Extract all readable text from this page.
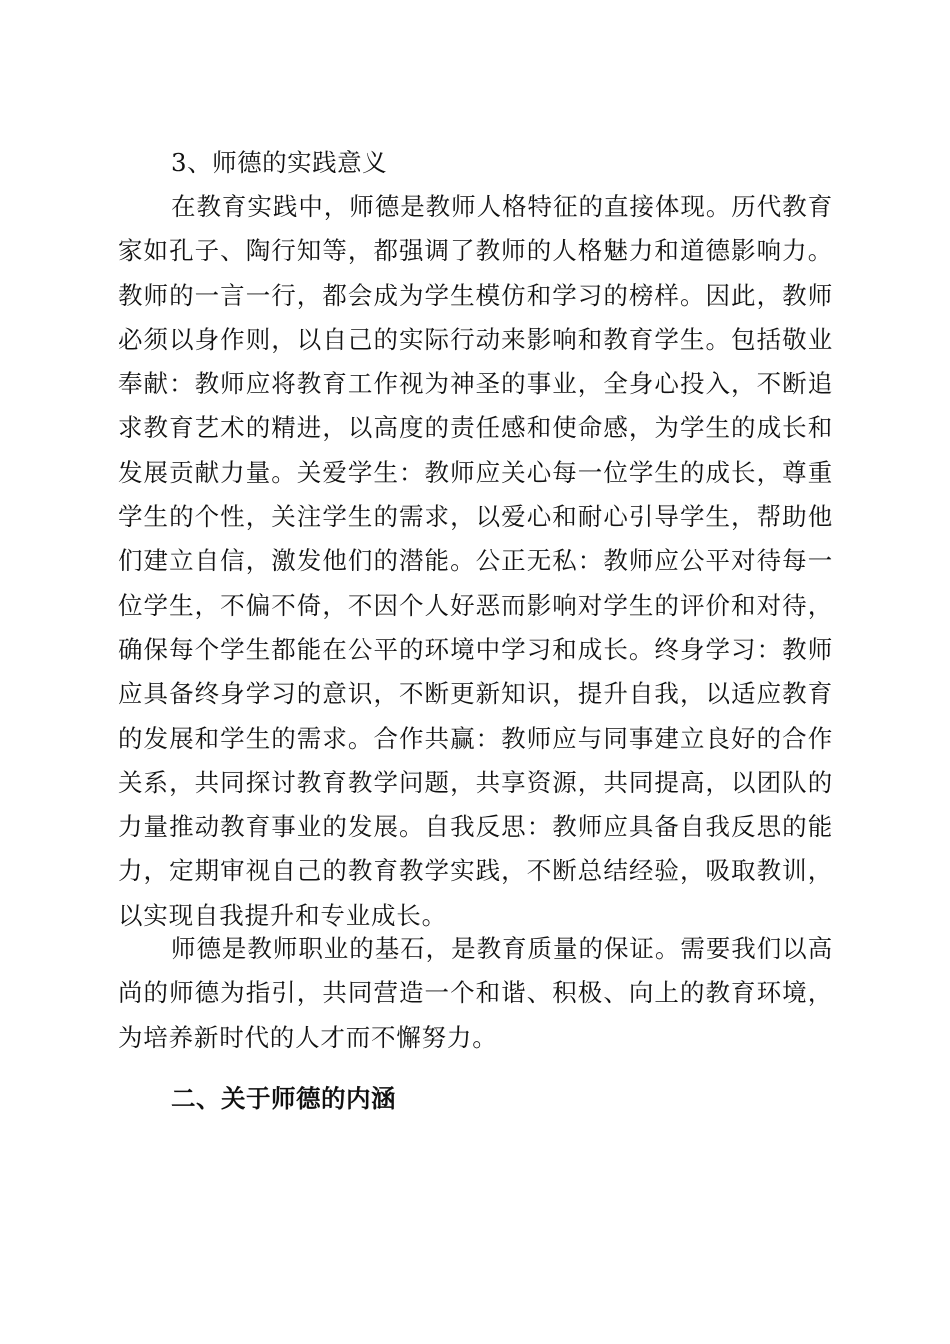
3、师德的实践意义

在教育实践中，师德是教师人格特征的直接体现。历代教育家如孔子、陶行知等，都强调了教师的人格魅力和道德影响力。教师的一言一行，都会成为学生模仿和学习的榜样。因此，教师必须以身作则，以自己的实际行动来影响和教育学生。包括敬业奉献：教师应将教育工作视为神圣的事业，全身心投入，不断追求教育艺术的精进，以高度的责任感和使命感，为学生的成长和发展贡献力量。关爱学生：教师应关心每一位学生的成长，尊重学生的个性，关注学生的需求，以爱心和耐心引导学生，帮助他们建立自信，激发他们的潜能。公正无私：教师应公平对待每一位学生，不偏不倚，不因个人好恶而影响对学生的评价和对待，确保每个学生都能在公平的环境中学习和成长。终身学习：教师应具备终身学习的意识，不断更新知识，提升自我，以适应教育的发展和学生的需求。合作共赢：教师应与同事建立良好的合作关系，共同探讨教育教学问题，共享资源，共同提高，以团队的力量推动教育事业的发展。自我反思：教师应具备自我反思的能力，定期审视自己的教育教学实践，不断总结经验，吸取教训，以实现自我提升和专业成长。

师德是教师职业的基石，是教育质量的保证。需要我们以高尚的师德为指引，共同营造一个和谐、积极、向上的教育环境，为培养新时代的人才而不懈努力。

二、关于师德的内涵
